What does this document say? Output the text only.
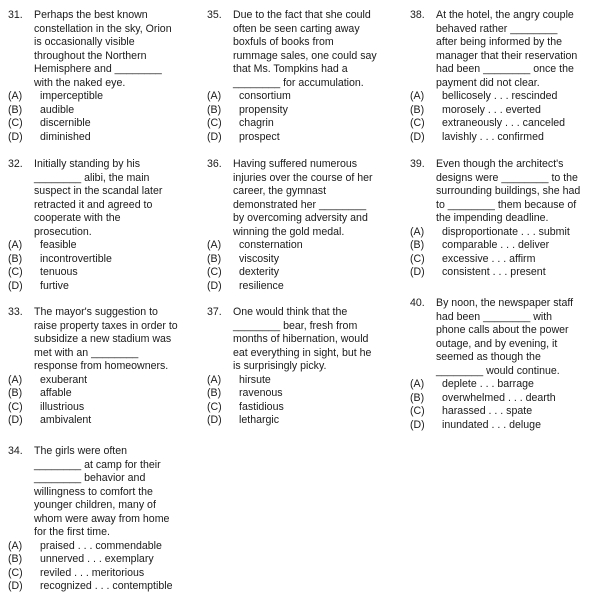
31.	Perhaps the best known
constellation in the sky, Orion
is occasionally visible
throughout the Northern
Hemisphere and ________
with the naked eye.
(A) imperceptible
(B) audible
(C) discernible
(D) diminished
32.	Initially standing by his
________ alibi, the main
suspect in the scandal later
retracted it and agreed to
cooperate with the
prosecution.
(A) feasible
(B) incontrovertible
(C) tenuous
(D) furtive
33.	The mayor's suggestion to
raise property taxes in order to
subsidize a new stadium was
met with an ________
response from homeowners.
(A) exuberant
(B) affable
(C) illustrious
(D) ambivalent
34.	The girls were often
________ at camp for their
________ behavior and
willingness to comfort the
younger children, many of
whom were away from home
for the first time.
(A) praised . . . commendable
(B) unnerved . . . exemplary
(C) reviled . . . meritorious
(D) recognized . . . contemptible
35.	Due to the fact that she could
often be seen carting away
boxfuls of books from
rummage sales, one could say
that Ms. Tompkins had a
________ for accumulation.
(A) consortium
(B) propensity
(C) chagrin
(D) prospect
36.	Having suffered numerous
injuries over the course of her
career, the gymnast
demonstrated her ________
by overcoming adversity and
winning the gold medal.
(A) consternation
(B) viscosity
(C) dexterity
(D) resilience
37.	One would think that the
________ bear, fresh from
months of hibernation, would
eat everything in sight, but he
is surprisingly picky.
(A) hirsute
(B) ravenous
(C) fastidious
(D) lethargic
38.	At the hotel, the angry couple
behaved rather ________
after being informed by the
manager that their reservation
had been ________ once the
payment did not clear.
(A) bellicosely . . . rescinded
(B) morosely . . . everted
(C) extraneously . . . canceled
(D) lavishly . . . confirmed
39.	Even though the architect's
designs were ________ to the
surrounding buildings, she had
to ________ them because of
the impending deadline.
(A) disproportionate . . . submit
(B) comparable . . . deliver
(C) excessive . . . affirm
(D) consistent . . . present
40.	By noon, the newspaper staff
had been ________ with
phone calls about the power
outage, and by evening, it
seemed as though the
________ would continue.
(A) deplete . . . barrage
(B) overwhelmed . . . dearth
(C) harassed . . . spate
(D) inundated . . . deluge
